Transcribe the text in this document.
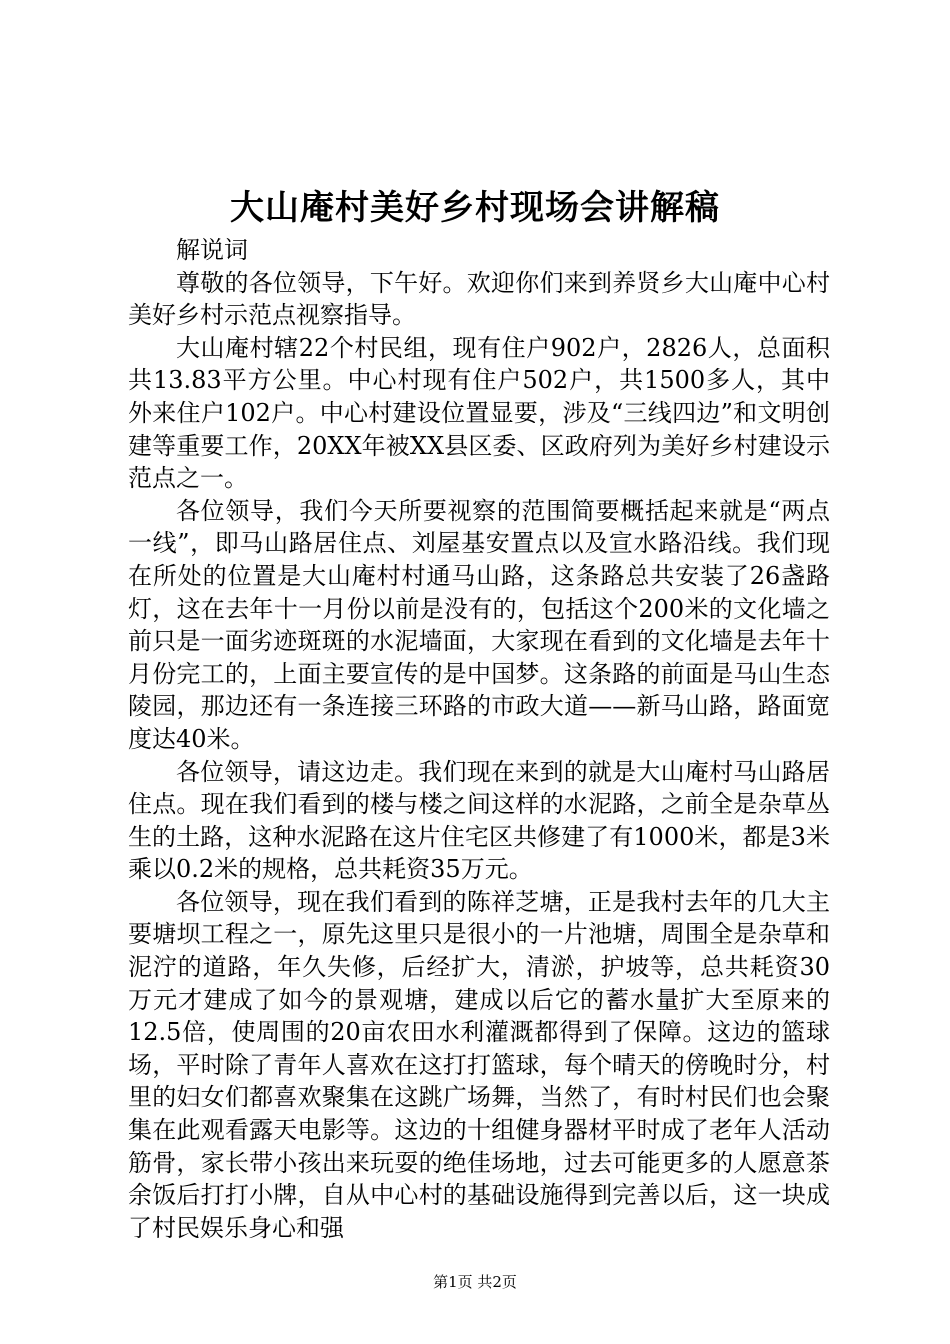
大山庵村美好乡村现场会讲解稿

解说词

尊敬的各位领导，下午好。欢迎你们来到养贤乡大山庵中心村美好乡村示范点视察指导。

大山庵村辖22个村民组，现有住户902户，2826人，总面积共13.83平方公里。中心村现有住户502户，共1500多人，其中外来住户102户。中心村建设位置显要，涉及“三线四边”和文明创建等重要工作，20XX年被XX县区委、区政府列为美好乡村建设示范点之一。

各位领导，我们今天所要视察的范围简要概括起来就是“两点一线”，即马山路居住点、刘屋基安置点以及宣水路沿线。我们现在所处的位置是大山庵村村通马山路，这条路总共安装了26盏路灯，这在去年十一月份以前是没有的，包括这个200米的文化墙之前只是一面劣迹斑斑的水泥墙面，大家现在看到的文化墙是去年十月份完工的，上面主要宣传的是中国梦。这条路的前面是马山生态陵园，那边还有一条连接三环路的市政大道——新马山路，路面宽度达40米。

各位领导，请这边走。我们现在来到的就是大山庵村马山路居住点。现在我们看到的楼与楼之间这样的水泥路，之前全是杂草丛生的土路，这种水泥路在这片住宅区共修建了有1000米，都是3米乘以0.2米的规格，总共耗资35万元。

各位领导，现在我们看到的陈祥芝塘，正是我村去年的几大主要塘坝工程之一，原先这里只是很小的一片池塘，周围全是杂草和泥泞的道路，年久失修，后经扩大，清淤，护坡等，总共耗资30万元才建成了如今的景观塘，建成以后它的蓄水量扩大至原来的12.5倍，使周围的20亩农田水利灌溉都得到了保障。这边的篮球场，平时除了青年人喜欢在这打打篮球，每个晴天的傍晚时分，村里的妇女们都喜欢聚集在这跳广场舞，当然了，有时村民们也会聚集在此观看露天电影等。这边的十组健身器材平时成了老年人活动筋骨，家长带小孩出来玩耍的绝佳场地，过去可能更多的人愿意茶余饭后打打小牌，自从中心村的基础设施得到完善以后，这一块成了村民娱乐身心和强

第1页 共2页
